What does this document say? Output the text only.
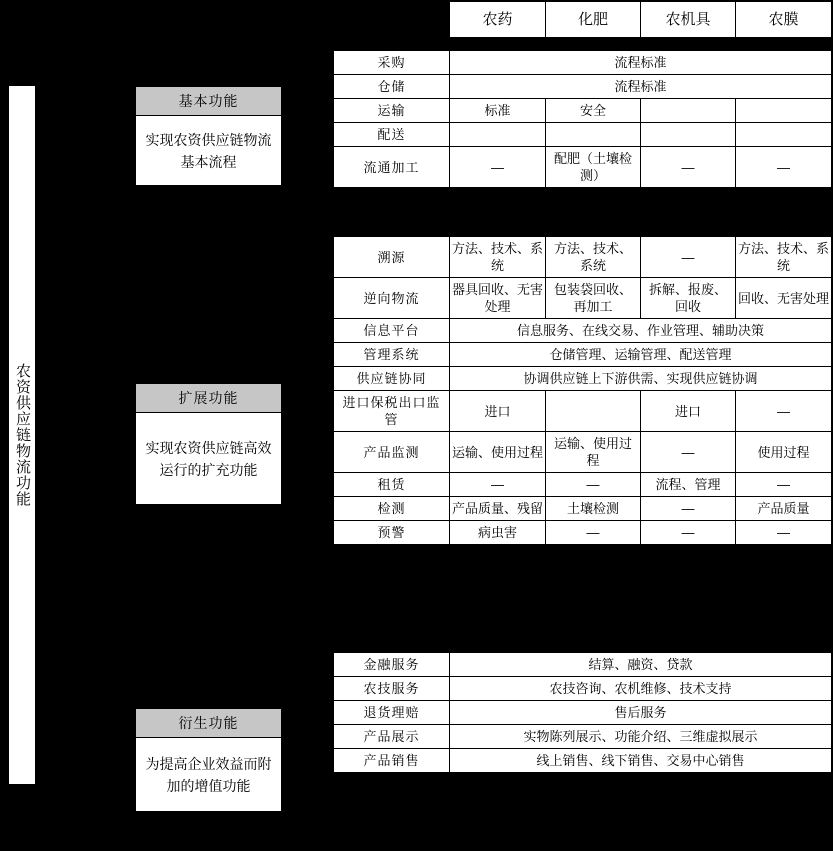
农资供应链物流功能
基本功能
实现农资供应链物流基本流程
扩展功能
实现农资供应链高效运行的扩充功能
衍生功能
为提高企业效益而附加的增值功能
农药	化肥	农机具	农膜
采购	流程标准			
仓储	流程标准			
运输	标准	安全		
配送				
流通加工	—	配肥（土壤检测）	—	—
溯源	方法、技术、系统	方法、技术、系统	—	方法、技术、系统
逆向物流	器具回收、无害处理	包装袋回收、再加工	拆解、报废、回收	回收、无害处理
信息平台	信息服务、在线交易、作业管理、辅助决策			
管理系统	仓储管理、运输管理、配送管理			
供应链协同	协调供应链上下游供需、实现供应链协调			
进口保税出口监管	进口		进口	—
产品监测	运输、使用过程	运输、使用过程	—	使用过程
租赁	—	—	流程、管理	—
检测	产品质量、残留	土壤检测	—	产品质量
预警	病虫害	—	—	—
金融服务	结算、融资、贷款
农技服务	农技咨询、农机维修、技术支持
退货理赔	售后服务
产品展示	实物陈列展示、功能介绍、三维虚拟展示
产品销售	线上销售、线下销售、交易中心销售
